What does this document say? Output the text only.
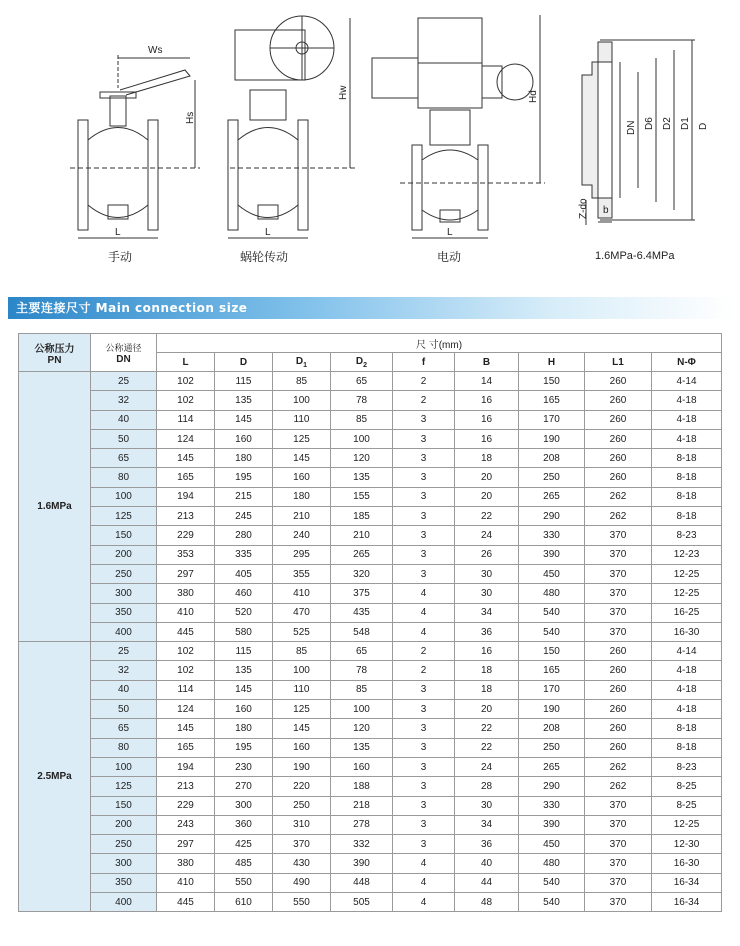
Ws
Hs
L
Hw
L
Hd
L
DN D6 D2 D1 D
Z-do b
手动	蜗轮传动	电动	1.6MPa-6.4MPa
主要连接尺寸 Main connection size
公称压力
PN	公称通径
DN	尺 寸(mm)								
		L	D	$D_1$	$D_2$	f	B	H	L1	N-Φ
1.6MPa	25	102	115	85	65	2	14	150	260	4-14
	32	102	135	100	78	2	16	165	260	4-18
	40	114	145	110	85	3	16	170	260	4-18
	50	124	160	125	100	3	16	190	260	4-18
	65	145	180	145	120	3	18	208	260	8-18
	80	165	195	160	135	3	20	250	260	8-18
	100	194	215	180	155	3	20	265	262	8-18
	125	213	245	210	185	3	22	290	262	8-18
	150	229	280	240	210	3	24	330	370	8-23
	200	353	335	295	265	3	26	390	370	12-23
	250	297	405	355	320	3	30	450	370	12-25
	300	380	460	410	375	4	30	480	370	12-25
	350	410	520	470	435	4	34	540	370	16-25
	400	445	580	525	548	4	36	540	370	16-30
2.5MPa	25	102	115	85	65	2	16	150	260	4-14
	32	102	135	100	78	2	18	165	260	4-18
	40	114	145	110	85	3	18	170	260	4-18
	50	124	160	125	100	3	20	190	260	4-18
	65	145	180	145	120	3	22	208	260	8-18
	80	165	195	160	135	3	22	250	260	8-18
	100	194	230	190	160	3	24	265	262	8-23
	125	213	270	220	188	3	28	290	262	8-25
	150	229	300	250	218	3	30	330	370	8-25
	200	243	360	310	278	3	34	390	370	12-25
	250	297	425	370	332	3	36	450	370	12-30
	300	380	485	430	390	4	40	480	370	16-30
	350	410	550	490	448	4	44	540	370	16-34
	400	445	610	550	505	4	48	540	370	16-34
